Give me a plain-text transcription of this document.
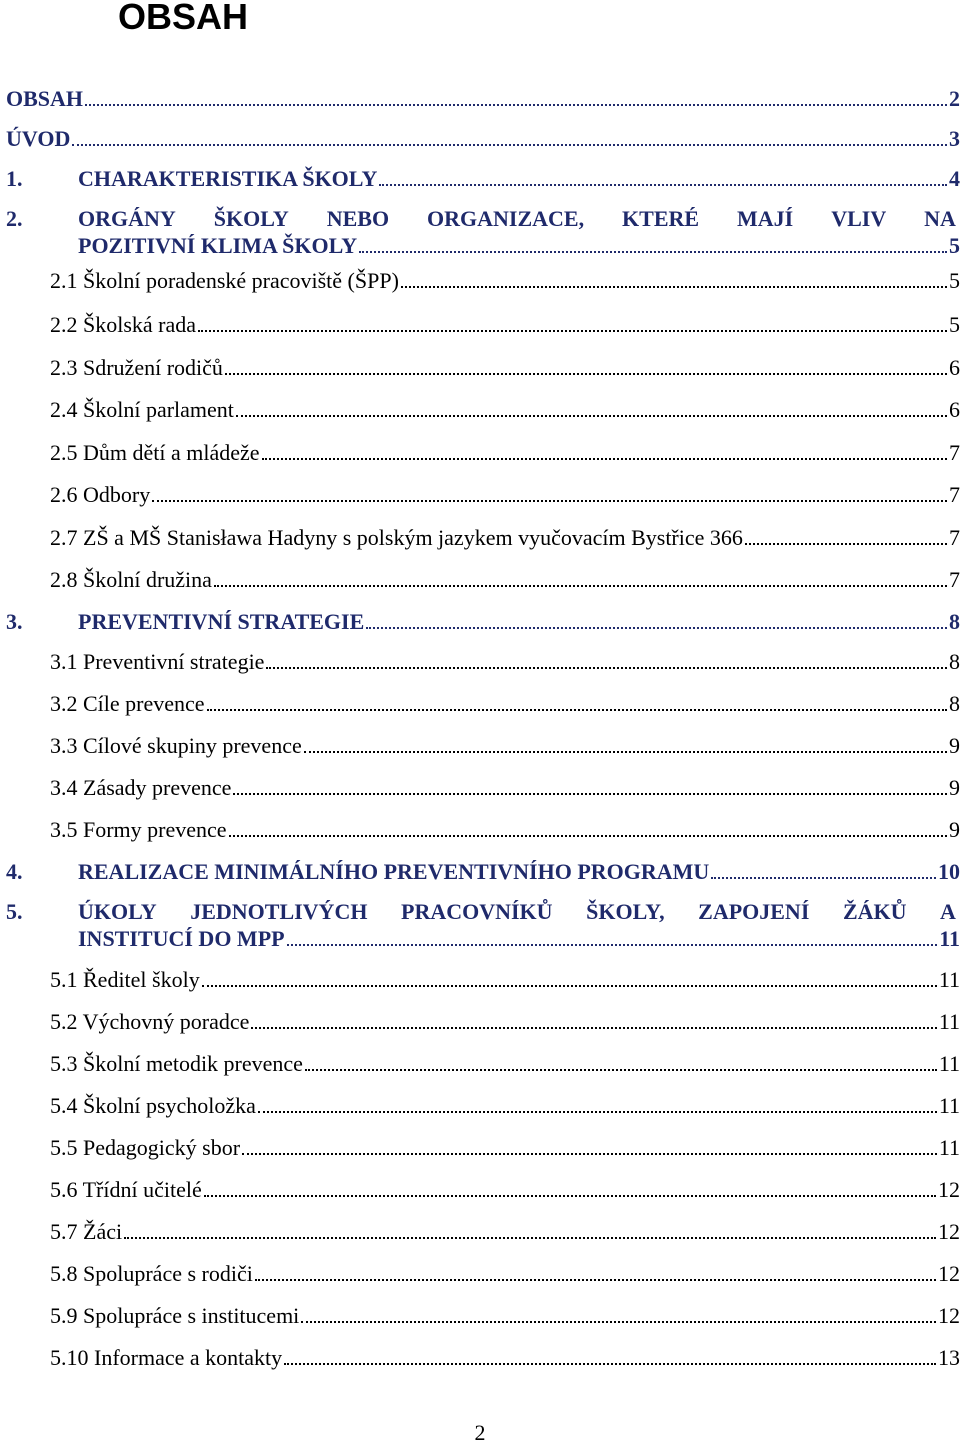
OBSAH
OBSAH	2
ÚVOD	3
1.	CHARAKTERISTIKA ŠKOLY	4
2.	ORGÁNY ŠKOLY NEBO ORGANIZACE, KTERÉ MAJÍ VLIV NA
POZITIVNÍ KLIMA ŠKOLY	5
2.1 Školní poradenské pracoviště (ŠPP)	5
2.2 Školská rada	5
2.3 Sdružení rodičů	6
2.4 Školní parlament	6
2.5 Dům dětí a mládeže	7
2.6 Odbory	7
2.7 ZŠ a MŠ Stanisława Hadyny s polským jazykem vyučovacím Bystřice 366	7
2.8 Školní družina	7
3.	PREVENTIVNÍ STRATEGIE	8
3.1 Preventivní strategie	8
3.2 Cíle prevence	8
3.3 Cílové skupiny prevence	9
3.4 Zásady prevence	9
3.5 Formy prevence	9
4.	REALIZACE MINIMÁLNÍHO PREVENTIVNÍHO PROGRAMU	10
5.	ÚKOLY JEDNOTLIVÝCH PRACOVNÍKŮ ŠKOLY, ZAPOJENÍ ŽÁKŮ A
INSTITUCÍ DO MPP	11
5.1 Ředitel školy	11
5.2 Výchovný poradce	11
5.3 Školní metodik prevence	11
5.4 Školní psycholožka	11
5.5 Pedagogický sbor	11
5.6 Třídní učitelé	12
5.7 Žáci	12
5.8 Spolupráce s rodiči	12
5.9 Spolupráce s institucemi	12
5.10 Informace a kontakty	13
2
